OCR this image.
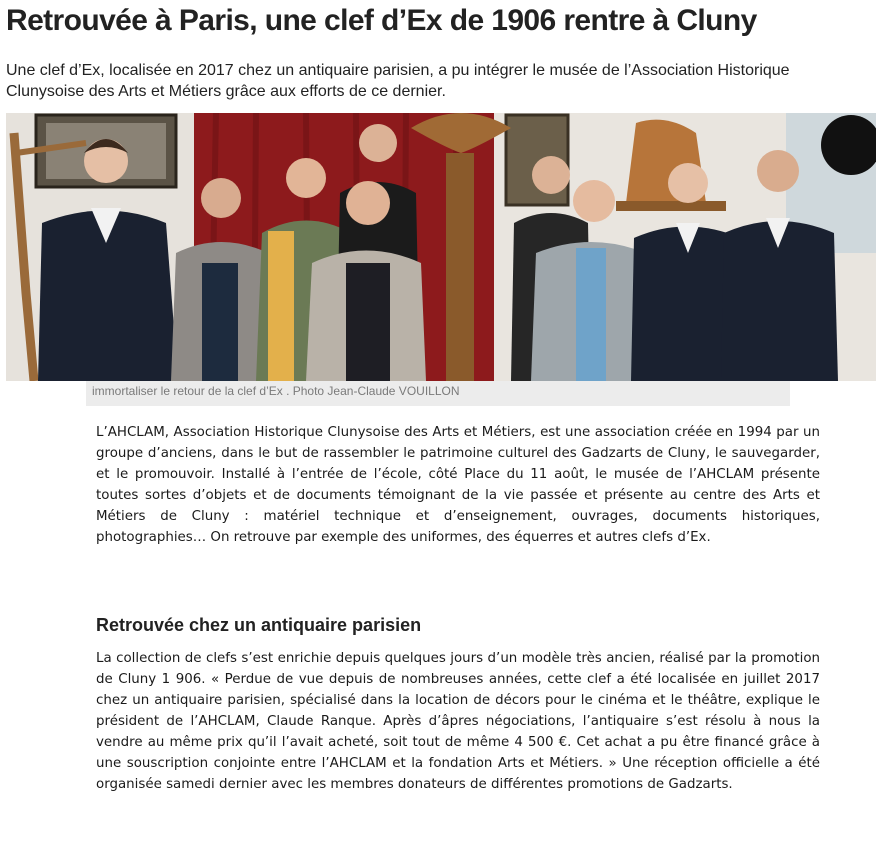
Retrouvée à Paris, une clef d’Ex de 1906 rentre à Cluny

Une clef d’Ex, localisée en 2017 chez un antiquaire parisien, a pu intégrer le musée de l’Association Historique Clunysoise des Arts et Métiers grâce aux efforts de ce dernier.

immortaliser le retour de la clef d’Ex . Photo Jean-Claude VOUILLON

L’AHCLAM, Association Historique Clunysoise des Arts et Métiers, est une association créée en 1994 par un groupe d’anciens, dans le but de rassembler le patrimoine culturel des Gadzarts de Cluny, le sauvegarder, et le promouvoir. Installé à l’entrée de l’école, côté Place du 11 août, le musée de l’AHCLAM présente toutes sortes d’objets et de documents témoignant de la vie passée et présente au centre des Arts et Métiers de Cluny : matériel technique et d’enseignement, ouvrages, documents historiques, photographies… On retrouve par exemple des uniformes, des équerres et autres clefs d’Ex.

Retrouvée chez un antiquaire parisien

La collection de clefs s’est enrichie depuis quelques jours d’un modèle très ancien, réalisé par la promotion de Cluny 1 906. « Perdue de vue depuis de nombreuses années, cette clef a été localisée en juillet 2017 chez un antiquaire parisien, spécialisé dans la location de décors pour le cinéma et le théâtre, explique le président de l’AHCLAM, Claude Ranque. Après d’âpres négociations, l’antiquaire s’est résolu à nous la vendre au même prix qu’il l’avait acheté, soit tout de même 4 500 €. Cet achat a pu être financé grâce à une souscription conjointe entre l’AHCLAM et la fondation Arts et Métiers. » Une réception officielle a été organisée samedi dernier avec les membres donateurs de différentes promotions de Gadzarts.
